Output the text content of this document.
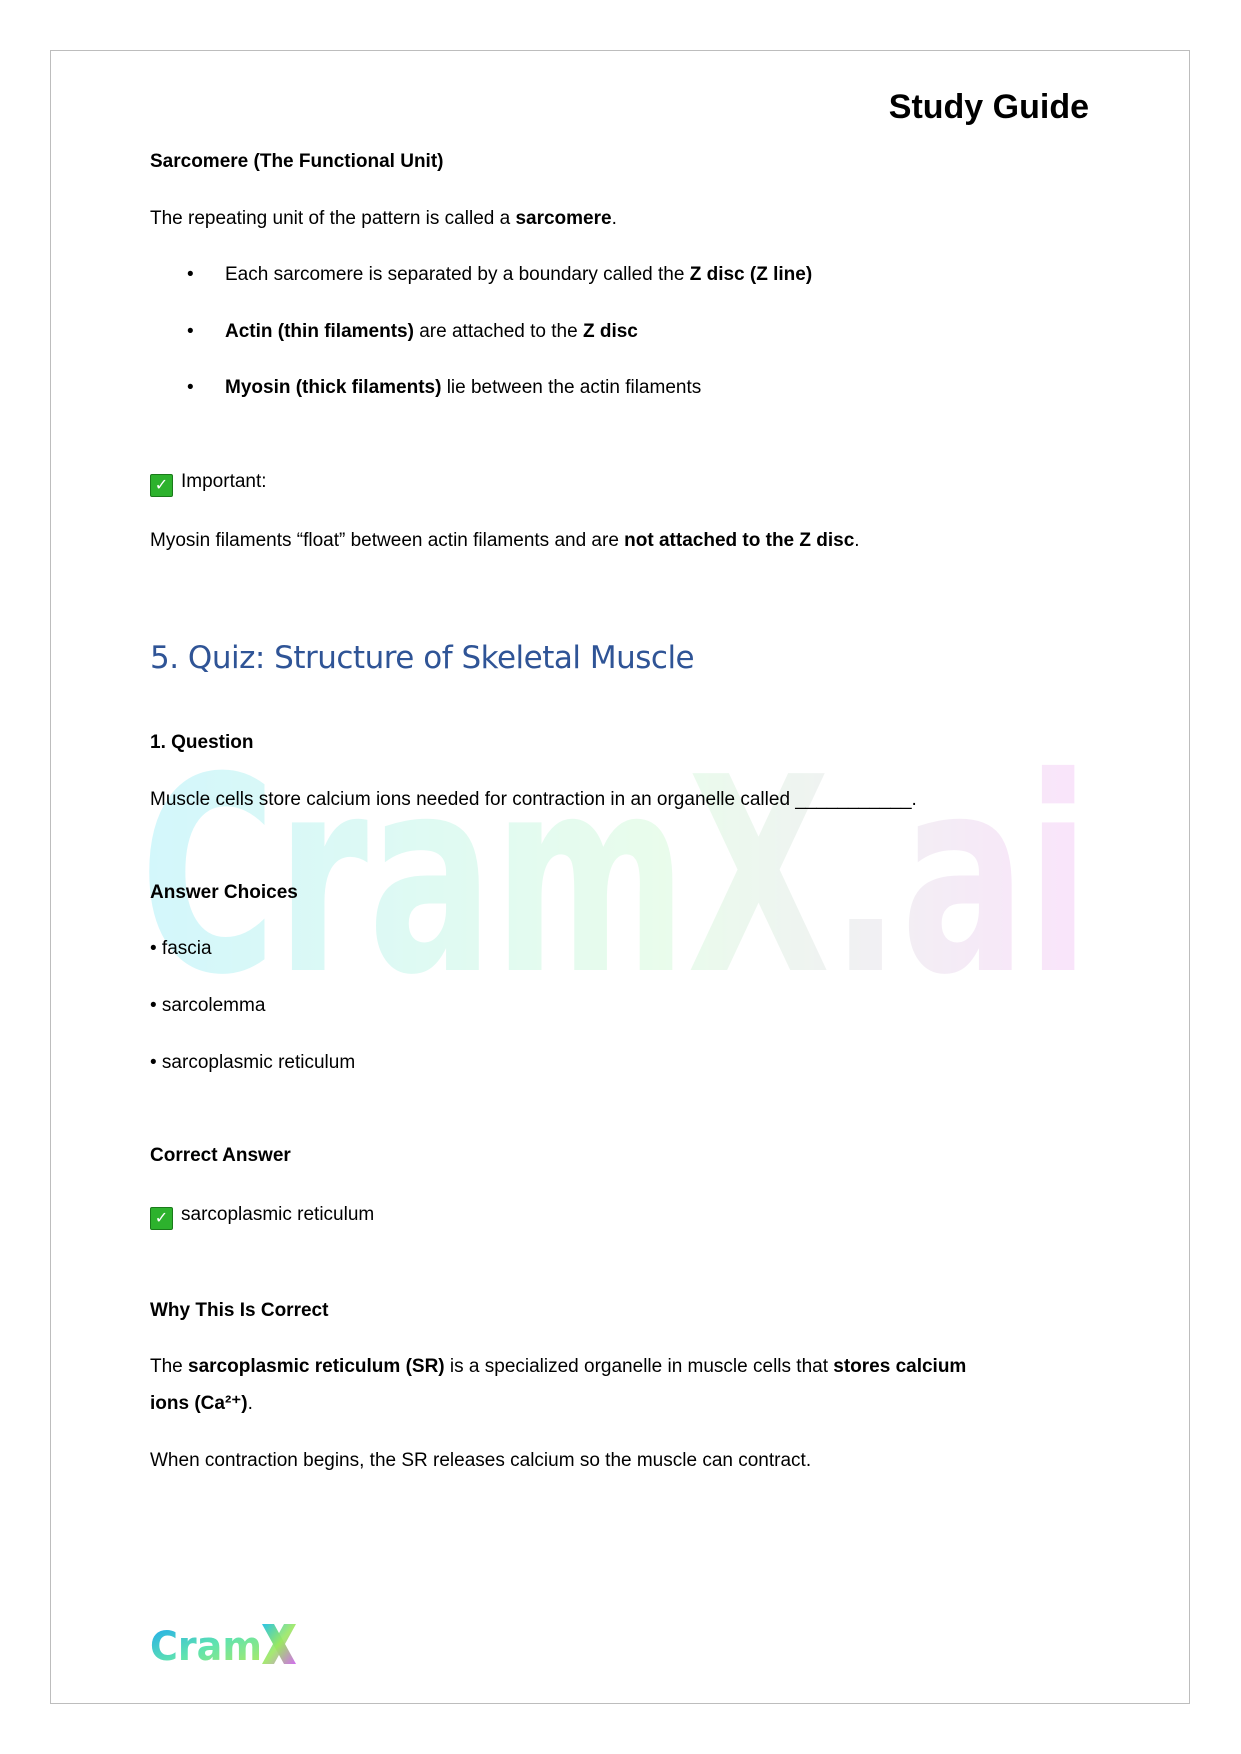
CramX.ai
Study Guide
Sarcomere (The Functional Unit)
The repeating unit of the pattern is called a sarcomere.
• Each sarcomere is separated by a boundary called the Z disc (Z line)
• Actin (thin filaments) are attached to the Z disc
• Myosin (thick filaments) lie between the actin filaments
✓ Important:
Myosin filaments “float” between actin filaments and are not attached to the Z disc.
5. Quiz: Structure of Skeletal Muscle
1. Question
Muscle cells store calcium ions needed for contraction in an organelle called ___________.
Answer Choices
• fascia
• sarcolemma
• sarcoplasmic reticulum
Correct Answer
✓ sarcoplasmic reticulum
Why This Is Correct
The sarcoplasmic reticulum (SR) is a specialized organelle in muscle cells that stores calcium
ions (Ca²⁺).
When contraction begins, the SR releases calcium so the muscle can contract.
Cram
